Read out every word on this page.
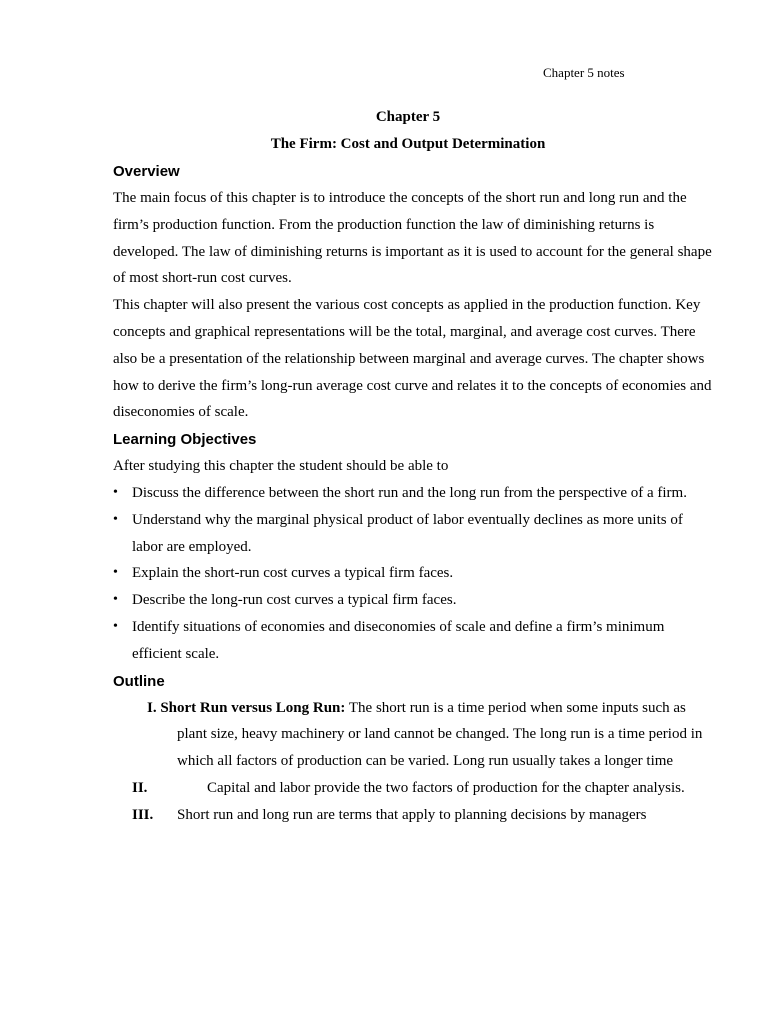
Chapter 5 notes
Chapter 5
The Firm: Cost and Output Determination
Overview

The main focus of this chapter is to introduce the concepts of the short run and long run and the firm’s production function. From the production function the law of diminishing returns is developed. The law of diminishing returns is important as it is used to account for the general shape of most short-run cost curves.

This chapter will also present the various cost concepts as applied in the production function. Key concepts and graphical representations will be the total, marginal, and average cost curves. There also be a presentation of the relationship between marginal and average curves. The chapter shows how to derive the firm’s long-run average cost curve and relates it to the concepts of economies and diseconomies of scale.

Learning Objectives

After studying this chapter the student should be able to

• Discuss the difference between the short run and the long run from the perspective of a firm.
• Understand why the marginal physical product of labor eventually declines as more units of labor are employed.
• Explain the short-run cost curves a typical firm faces.
• Describe the long-run cost curves a typical firm faces.
• Identify situations of economies and diseconomies of scale and define a firm’s minimum efficient scale.
Outline
I. Short Run versus Long Run: The short run is a time period when some inputs such as plant size, heavy machinery or land cannot be changed. The long run is a time period in which all factors of production can be varied. Long run usually takes a longer time
II.	Capital and labor provide the two factors of production for the chapter analysis.
III. Short run and long run are terms that apply to planning decisions by managers
